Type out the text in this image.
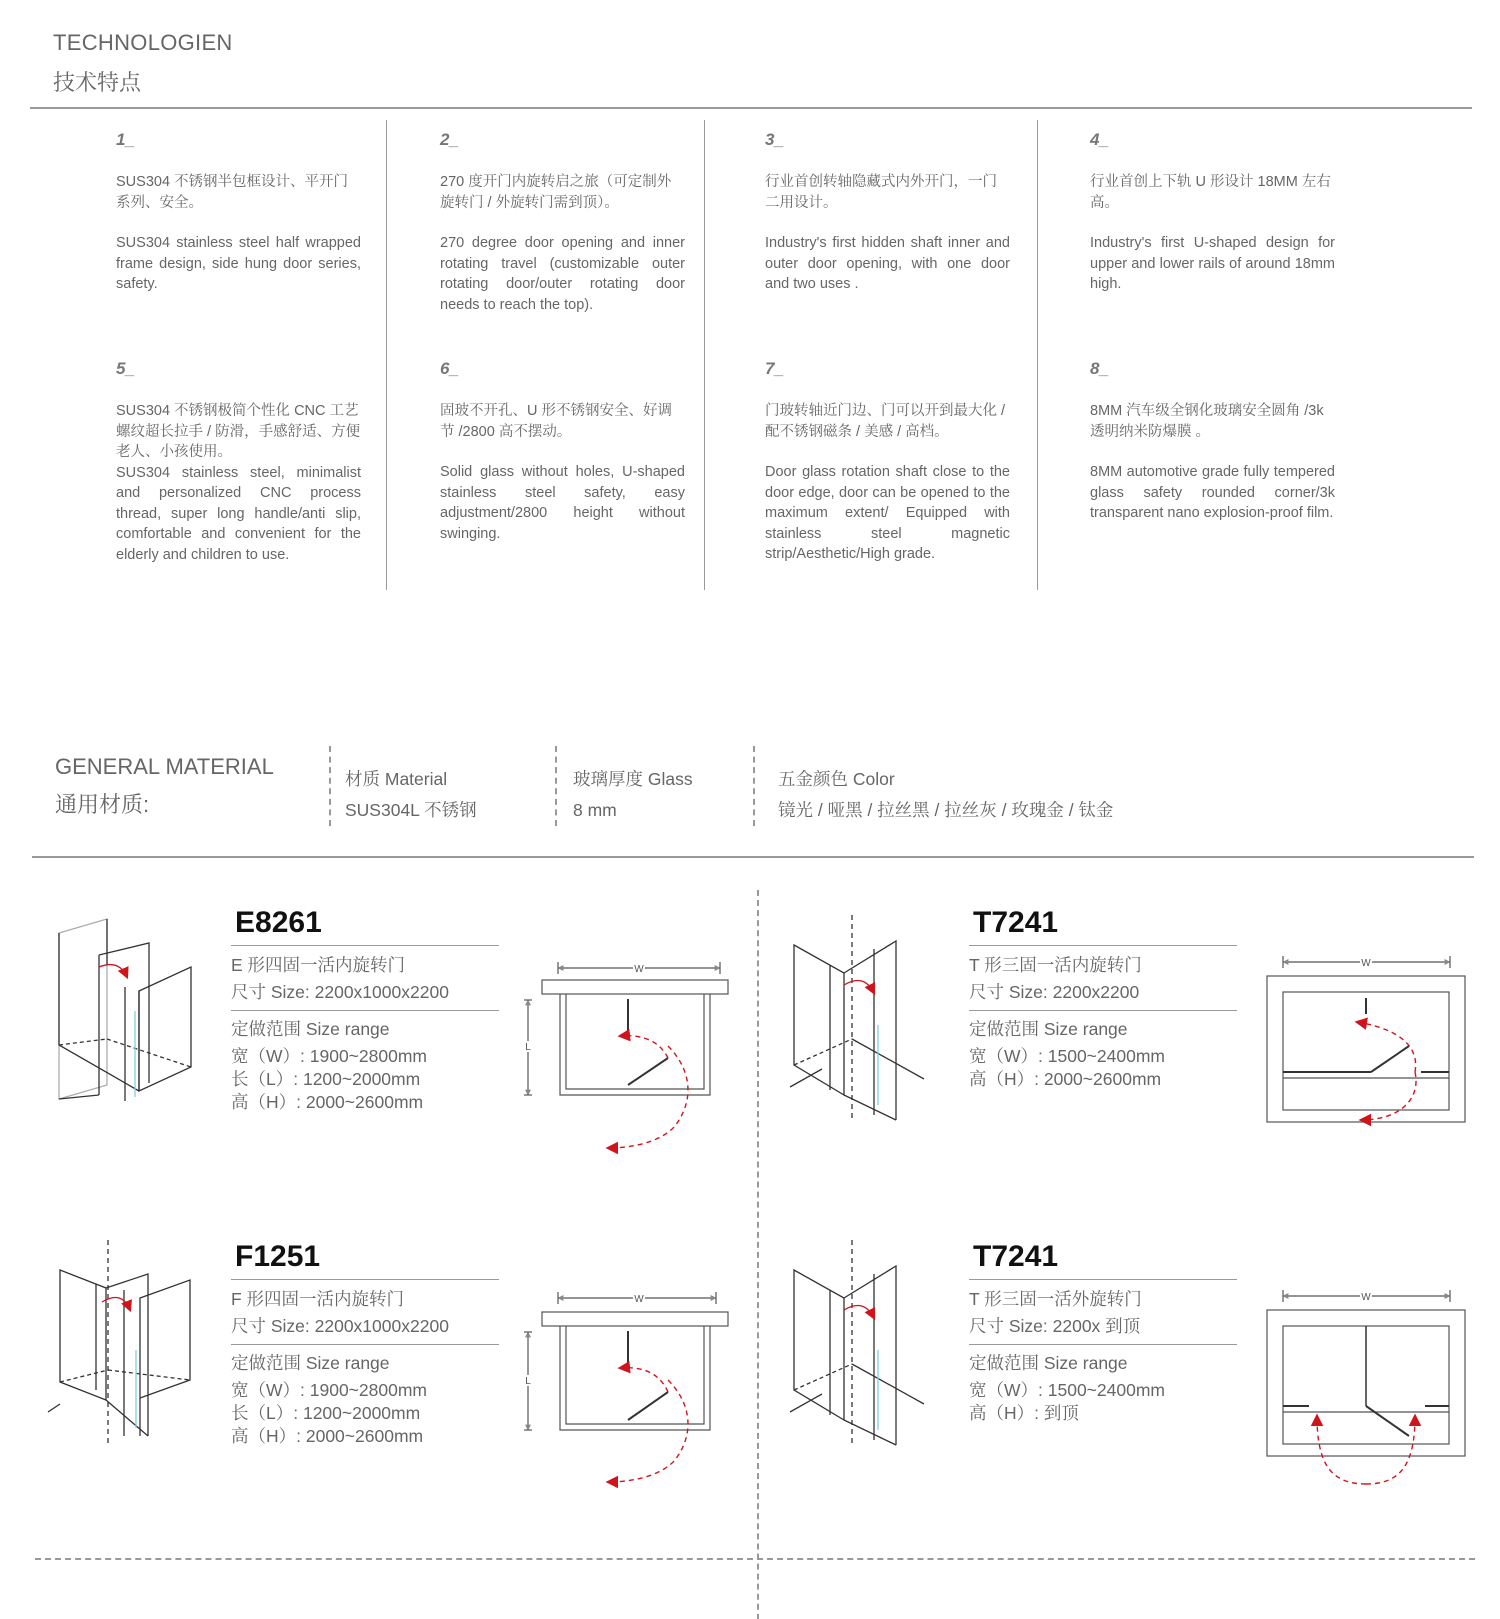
TECHNOLOGIEN
技术特点
1_
SUS304 不锈钢半包框设计、平开门系列、安全。
SUS304 stainless steel half wrapped frame design, side hung door series, safety.
2_
270 度开门内旋转启之旅（可定制外旋转门 / 外旋转门需到顶）。
270 degree door opening and inner rotating travel (customizable outer rotating door/outer rotating door needs to reach the top).
3_
行业首创转轴隐藏式内外开门，一门二用设计。
Industry's first hidden shaft inner and outer door opening, with one door and two uses .
4_
行业首创上下轨 U 形设计 18MM 左右高。
Industry's first U-shaped design for upper and lower rails of around 18mm high.
5_
SUS304 不锈钢极简个性化 CNC 工艺螺纹超长拉手 / 防滑，手感舒适、方便老人、小孩使用。
SUS304 stainless steel, minimalist and personalized CNC process thread, super long handle/anti slip, comfortable and convenient for the elderly and children to use.
6_
固玻不开孔、U 形不锈钢安全、好调节 /2800 高不摆动。
Solid glass without holes, U-shaped stainless steel safety, easy adjustment/2800 height without swinging.
7_
门玻转轴近门边、门可以开到最大化 / 配不锈钢磁条 / 美感 / 高档。
Door glass rotation shaft close to the door edge, door can be opened to the maximum extent/ Equipped with stainless steel magnetic strip/Aesthetic/High grade.
8_
8MM 汽车级全钢化玻璃安全圆角 /3k 透明纳米防爆膜 。
8MM automotive grade fully tempered glass safety rounded corner/3k transparent nano explosion-proof film.
GENERAL MATERIAL
通用材质:
材质 Material
SUS304L 不锈钢
玻璃厚度 Glass
8 mm
五金颜色 Color
镜光 / 哑黑 / 拉丝黑 / 拉丝灰 / 玫瑰金 / 钛金
E8261
E 形四固一活内旋转门
尺寸 Size: 2200x1000x2200
定做范围 Size range
宽（W）: 1900~2800mm
长（L）: 1200~2000mm
高（H）: 2000~2600mm
W
L
T7241
T 形三固一活内旋转门
尺寸 Size: 2200x2200
定做范围 Size range
宽（W）: 1500~2400mm
高（H）: 2000~2600mm
W
F1251
F 形四固一活内旋转门
尺寸 Size: 2200x1000x2200
定做范围 Size range
宽（W）: 1900~2800mm
长（L）: 1200~2000mm
高（H）: 2000~2600mm
W
L
T7241
T 形三固一活外旋转门
尺寸 Size: 2200x 到顶
定做范围 Size range
宽（W）: 1500~2400mm
高（H）: 到顶
W
